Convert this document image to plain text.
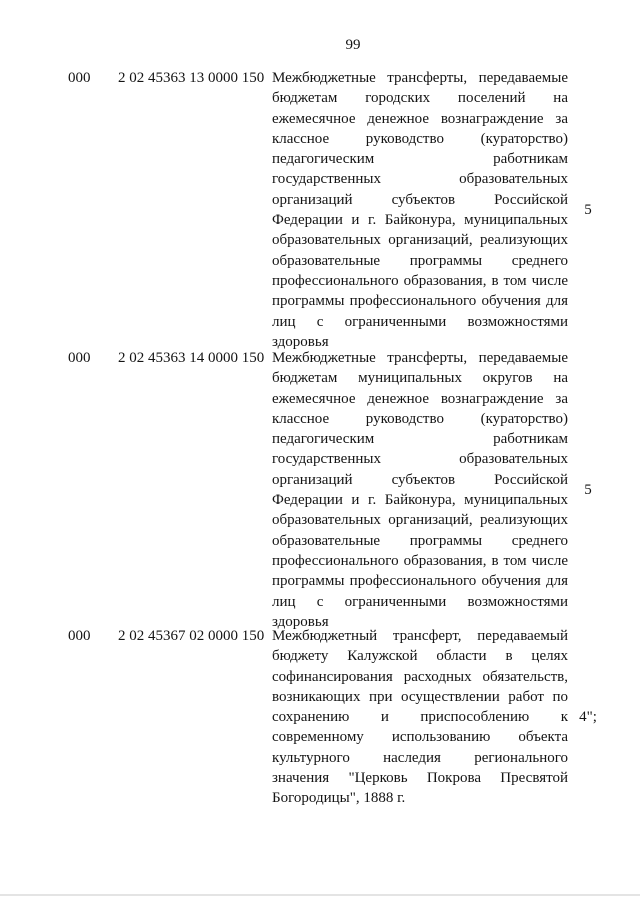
99
000 2 02 45363 13 0000 150 Межбюджетные трансферты, передаваемые
бюджетам городских поселений на
ежемесячное денежное вознаграждение за
классное руководство (кураторство)
педагогическим работникам
государственных образовательных
организаций субъектов Российской
Федерации и г. Байконура, муниципальных
образовательных организаций, реализующих
образовательные программы среднего
профессионального образования, в том числе
программы профессионального обучения для
лиц с ограниченными возможностями
здоровья
5
000 2 02 45363 14 0000 150 Межбюджетные трансферты, передаваемые
бюджетам муниципальных округов на
ежемесячное денежное вознаграждение за
классное руководство (кураторство)
педагогическим работникам
государственных образовательных
организаций субъектов Российской
Федерации и г. Байконура, муниципальных
образовательных организаций, реализующих
образовательные программы среднего
профессионального образования, в том числе
программы профессионального обучения для
лиц с ограниченными возможностями
здоровья
5
000 2 02 45367 02 0000 150 Межбюджетный трансферт, передаваемый
бюджету Калужской области в целях
софинансирования расходных обязательств,
возникающих при осуществлении работ по
сохранению и приспособлению к
современному использованию объекта
культурного наследия регионального
значения "Церковь Покрова Пресвятой
Богородицы", 1888 г.
4";
